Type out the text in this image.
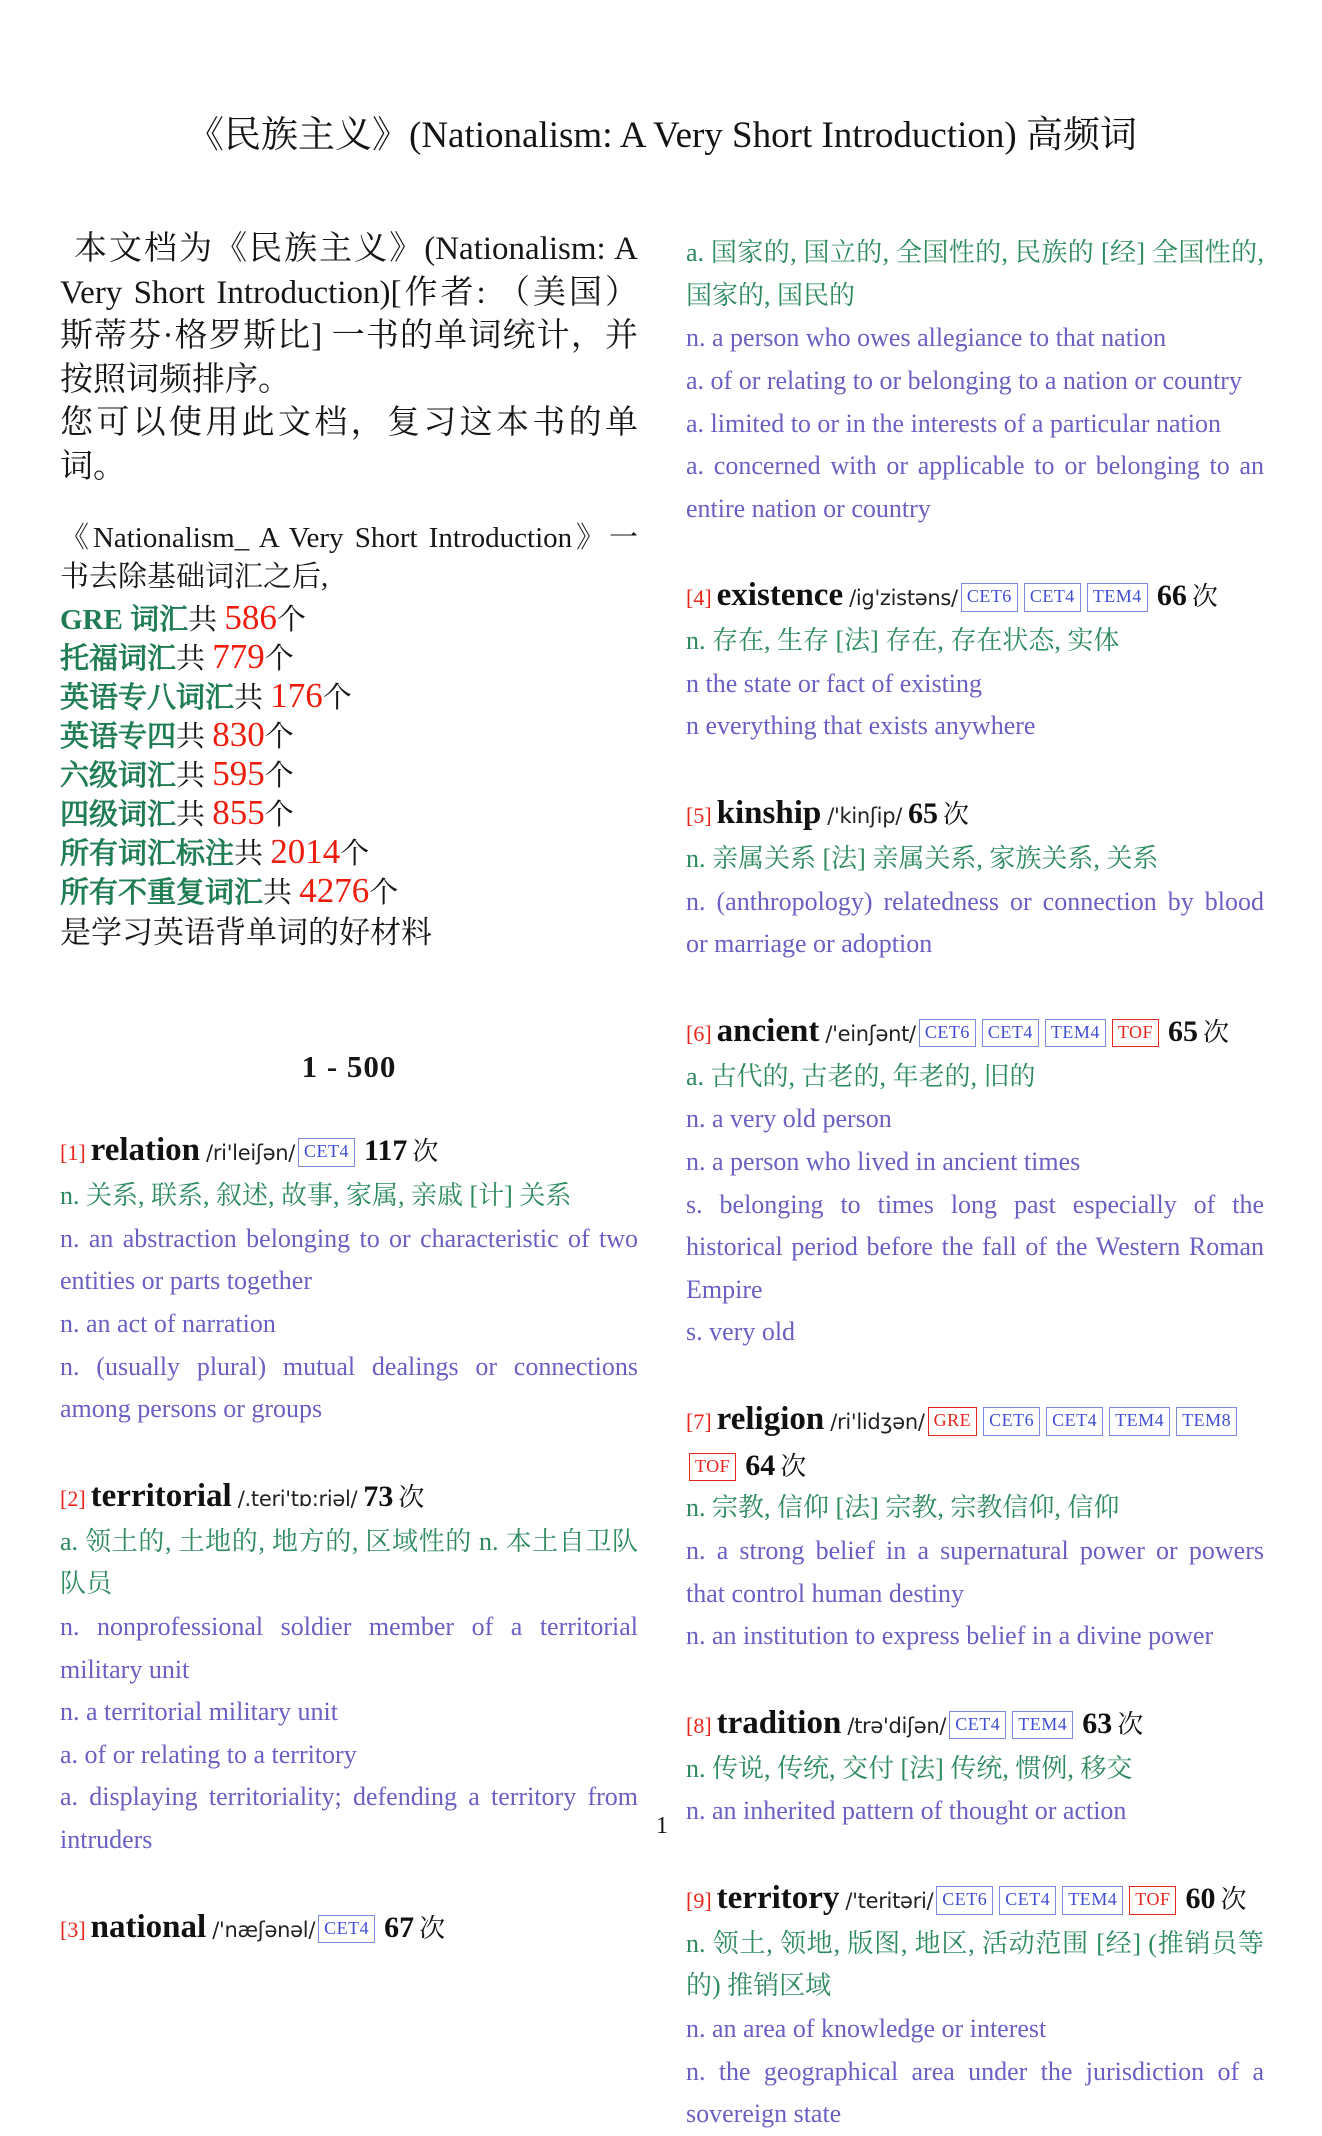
《民族主义》(Nationalism: A Very Short Introduction) 高频词

本文档为《民族主义》(Nationalism: A Very Short Introduction)[作者: （美国）斯蒂芬·格罗斯比] 一书的单词统计，并按照词频排序。

您可以使用此文档，复习这本书的单词。

《Nationalism_ A Very Short Introduction》一书去除基础词汇之后,

GRE 词汇共 586个
托福词汇共 779个
英语专八词汇共 176个
英语专四共 830个
六级词汇共 595个
四级词汇共 855个
所有词汇标注共 2014个
所有不重复词汇共 4276个
是学习英语背单词的好材料
1 - 500
[1] relation /ri'leiʃən/ CET4 117 次

n. 关系, 联系, 叙述, 故事, 家属, 亲戚 [计] 关系

n. an abstraction belonging to or characteristic of two entities or parts together

n. an act of narration

n. (usually plural) mutual dealings or connections among persons or groups

[2] territorial /.teri'tɒ:riəl/ 73 次

a. 领土的, 土地的, 地方的, 区域性的 n. 本土自卫队队员

n. nonprofessional soldier member of a territorial military unit

n. a territorial military unit

a. of or relating to a territory

a. displaying territoriality; defending a territory from intruders

[3] national /'næʃənəl/ CET4 67 次

a. 国家的, 国立的, 全国性的, 民族的 [经] 全国性的, 国家的, 国民的

n. a person who owes allegiance to that nation

a. of or relating to or belonging to a nation or country

a. limited to or in the interests of a particular nation

a. concerned with or applicable to or belonging to an entire nation or country

[4] existence /ig'zistəns/ CET6 CET4 TEM4 66 次

n. 存在, 生存 [法] 存在, 存在状态, 实体

n the state or fact of existing

n everything that exists anywhere

[5] kinship /'kinʃip/ 65 次

n. 亲属关系 [法] 亲属关系, 家族关系, 关系

n. (anthropology) relatedness or connection by blood or marriage or adoption

[6] ancient /'einʃənt/ CET6 CET4 TEM4 TOF 65 次

a. 古代的, 古老的, 年老的, 旧的

n. a very old person

n. a person who lived in ancient times

s. belonging to times long past especially of the historical period before the fall of the Western Roman Empire

s. very old

[7] religion /ri'lidʒən/ GRE CET6 CET4 TEM4 TEM8TOF 64 次

n. 宗教, 信仰 [法] 宗教, 宗教信仰, 信仰

n. a strong belief in a supernatural power or powers that control human destiny

n. an institution to express belief in a divine power

[8] tradition /trə'diʃən/ CET4 TEM4 63 次

n. 传说, 传统, 交付 [法] 传统, 惯例, 移交

n. an inherited pattern of thought or action

[9] territory /'teritəri/ CET6 CET4 TEM4 TOF 60 次

n. 领土, 领地, 版图, 地区, 活动范围 [经] (推销员等的) 推销区域

n. an area of knowledge or interest

n. the geographical area under the jurisdiction of a sovereign state

1
